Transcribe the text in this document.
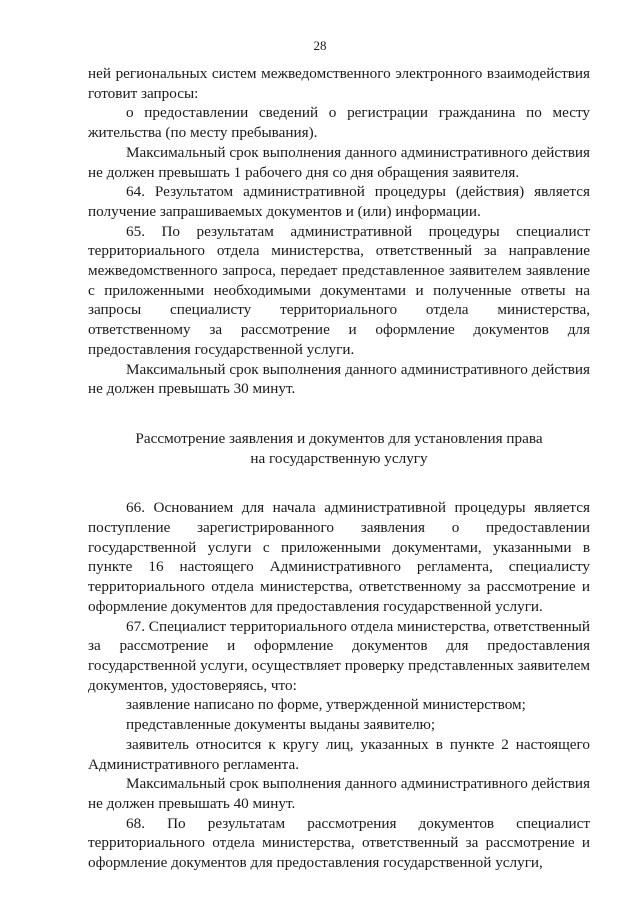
28

ней региональных систем межведомственного электронного взаимодействия готовит запросы:

о предоставлении сведений о регистрации гражданина по месту жительства (по месту пребывания).

Максимальный срок выполнения данного административного действия не должен превышать 1 рабочего дня со дня обращения заявителя.

64. Результатом административной процедуры (действия) является получение запрашиваемых документов и (или) информации.

65. По результатам административной процедуры специалист территориального отдела министерства, ответственный за направление межведомственного запроса, передает представленное заявителем заявление с приложенными необходимыми документами и полученные ответы на запросы специалисту территориального отдела министерства, ответственному за рассмотрение и оформление документов для предоставления государственной услуги.

Максимальный срок выполнения данного административного действия не должен превышать 30 минут.

Рассмотрение заявления и документов для установления права
на государственную услугу

66. Основанием для начала административной процедуры является поступление зарегистрированного заявления о предоставлении государственной услуги с приложенными документами, указанными в пункте 16 настоящего Административного регламента, специалисту территориального отдела министерства, ответственному за рассмотрение и оформление документов для предоставления государственной услуги.

67. Специалист территориального отдела министерства, ответственный за рассмотрение и оформление документов для предоставления государственной услуги, осуществляет проверку представленных заявителем документов, удостоверяясь, что:

заявление написано по форме, утвержденной министерством;

представленные документы выданы заявителю;

заявитель относится к кругу лиц, указанных в пункте 2 настоящего Административного регламента.

Максимальный срок выполнения данного административного действия не должен превышать 40 минут.

68. По результатам рассмотрения документов специалист территориального отдела министерства, ответственный за рассмотрение и оформление документов для предоставления государственной услуги,
